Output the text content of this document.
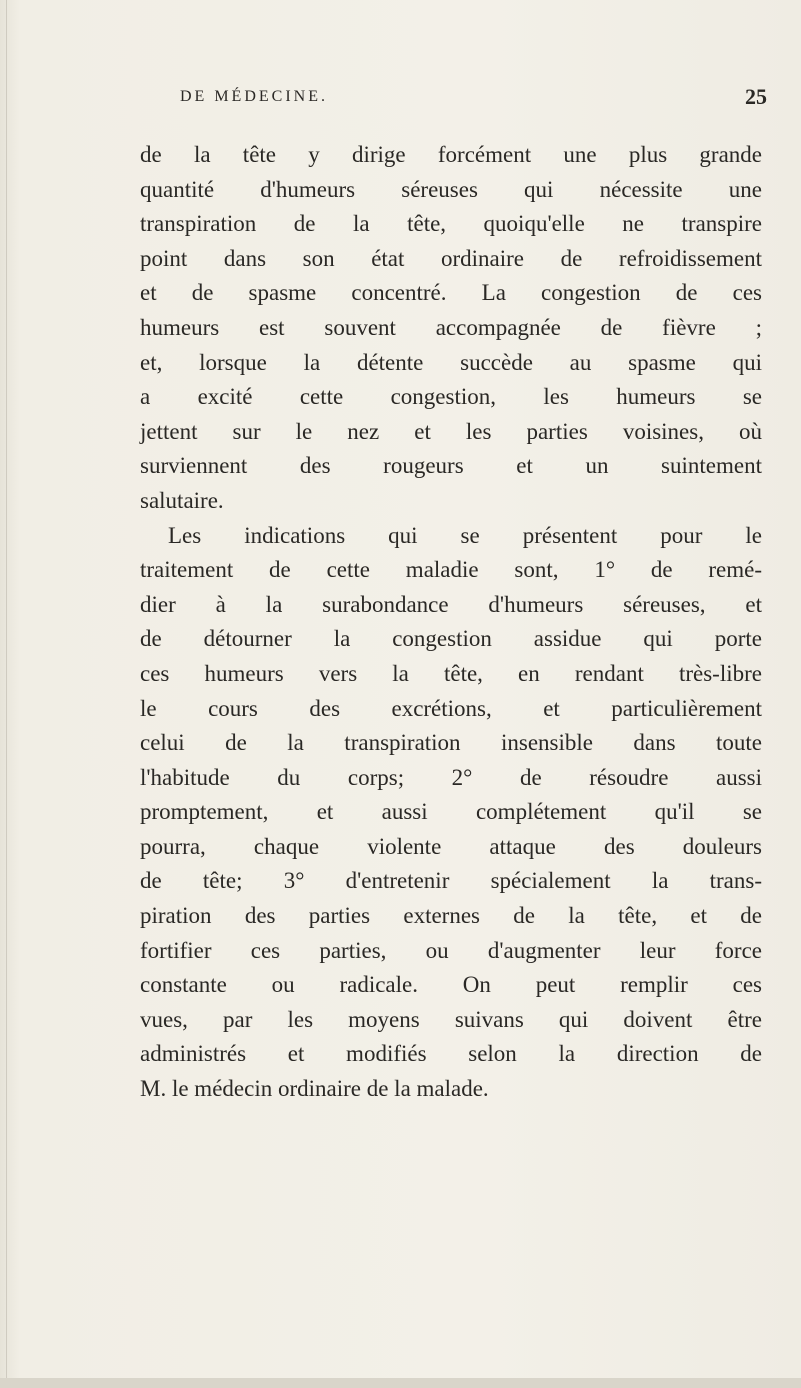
DE MÉDECINE.	25
de la tête y dirige forcément une plus grande
quantité d'humeurs séreuses qui nécessite une
transpiration de la tête, quoiqu'elle ne transpire
point dans son état ordinaire de refroidissement
et de spasme concentré. La congestion de ces
humeurs est souvent accompagnée de fièvre ;
et, lorsque la détente succède au spasme qui
a excité cette congestion, les humeurs se
jettent sur le nez et les parties voisines, où
surviennent des rougeurs et un suintement
salutaire.
Les indications qui se présentent pour le
traitement de cette maladie sont, 1° de remé-
dier à la surabondance d'humeurs séreuses, et
de détourner la congestion assidue qui porte
ces humeurs vers la tête, en rendant très-libre
le cours des excrétions, et particulièrement
celui de la transpiration insensible dans toute
l'habitude du corps; 2° de résoudre aussi
promptement, et aussi complétement qu'il se
pourra, chaque violente attaque des douleurs
de tête; 3° d'entretenir spécialement la trans-
piration des parties externes de la tête, et de
fortifier ces parties, ou d'augmenter leur force
constante ou radicale. On peut remplir ces
vues, par les moyens suivans qui doivent être
administrés et modifiés selon la direction de
M. le médecin ordinaire de la malade.
